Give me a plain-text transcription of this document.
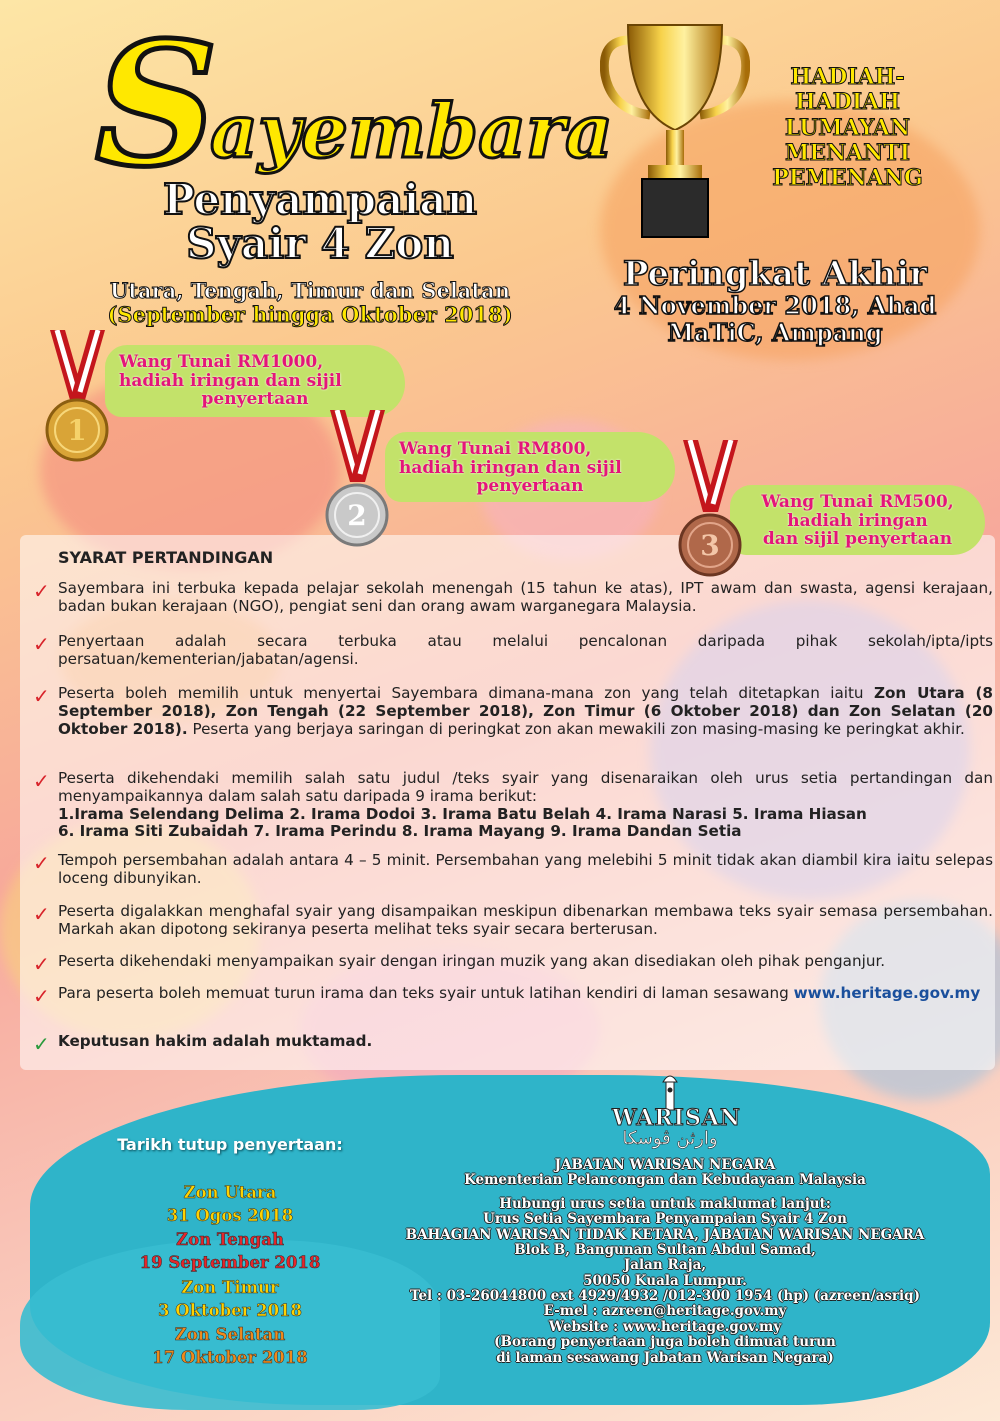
S
ayembara
Penyampaian
Syair 4 Zon
Utara, Tengah, Timur dan Selatan
(September hingga Oktober 2018)
HADIAH-
HADIAH
LUMAYAN
MENANTI
PEMENANG
Peringkat Akhir
4 November 2018, Ahad
MaTiC, Ampang
Wang Tunai RM1000,
hadiah iringan dan sijil
penyertaan
1
Wang Tunai RM800,
hadiah iringan dan sijil
penyertaan
2	Wang Tunai RM500,
hadiah iringan
dan sijil penyertaan
3
SYARAT PERTANDINGAN
✓ Sayembara ini terbuka kepada pelajar sekolah menengah (15 tahun ke atas), IPT awam dan swasta, agensi kerajaan, badan bukan kerajaan (NGO), pengiat seni dan orang awam warganegara Malaysia.
✓ Penyertaan adalah secara terbuka atau melalui pencalonan daripada pihak sekolah/ipta/ipts persatuan/kementerian/jabatan/agensi.
✓ Peserta boleh memilih untuk menyertai Sayembara dimana-mana zon yang telah ditetapkan iaitu Zon Utara (8 September 2018), Zon Tengah (22 September 2018), Zon Timur (6 Oktober 2018) dan Zon Selatan (20 Oktober 2018). Peserta yang berjaya saringan di peringkat zon akan mewakili zon masing-masing ke peringkat akhir.
✓ Peserta dikehendaki memilih salah satu judul /teks syair yang disenaraikan oleh urus setia pertandingan dan menyampaikannya dalam salah satu daripada 9 irama berikut:
1.Irama Selendang Delima 2. Irama Dodoi 3. Irama Batu Belah 4. Irama Narasi 5. Irama Hiasan
6. Irama Siti Zubaidah 7. Irama Perindu 8. Irama Mayang 9. Irama Dandan Setia
✓ Tempoh persembahan adalah antara 4 – 5 minit. Persembahan yang melebihi 5 minit tidak akan diambil kira iaitu selepas loceng dibunyikan.
✓ Peserta digalakkan menghafal syair yang disampaikan meskipun dibenarkan membawa teks syair semasa persembahan. Markah akan dipotong sekiranya peserta melihat teks syair secara berterusan.
✓ Peserta dikehendaki menyampaikan syair dengan iringan muzik yang akan disediakan oleh pihak penganjur.
✓ Para peserta boleh memuat turun irama dan teks syair untuk latihan kendiri di laman sesawang www.heritage.gov.my
✓ Keputusan hakim adalah muktamad.
Tarikh tutup penyertaan:
Zon Utara
31 Ogos 2018
Zon Tengah
19 September 2018
Zon Timur
3 Oktober 2018
Zon Selatan
17 Oktober 2018
WARISAN
وارثن ڤوسكا
JABATAN WARISAN NEGARA
Kementerian Pelancongan dan Kebudayaan Malaysia
Hubungi urus setia untuk maklumat lanjut:
Urus Setia Sayembara Penyampaian Syair 4 Zon
BAHAGIAN WARISAN TIDAK KETARA, JABATAN WARISAN NEGARA
Blok B, Bangunan Sultan Abdul Samad,
Jalan Raja,
50050 Kuala Lumpur.
Tel : 03-26044800 ext 4929/4932 /012-300 1954 (hp) (azreen/asriq)
E-mel : azreen@heritage.gov.my
Website : www.heritage.gov.my
(Borang penyertaan juga boleh dimuat turun
di laman sesawang Jabatan Warisan Negara)
